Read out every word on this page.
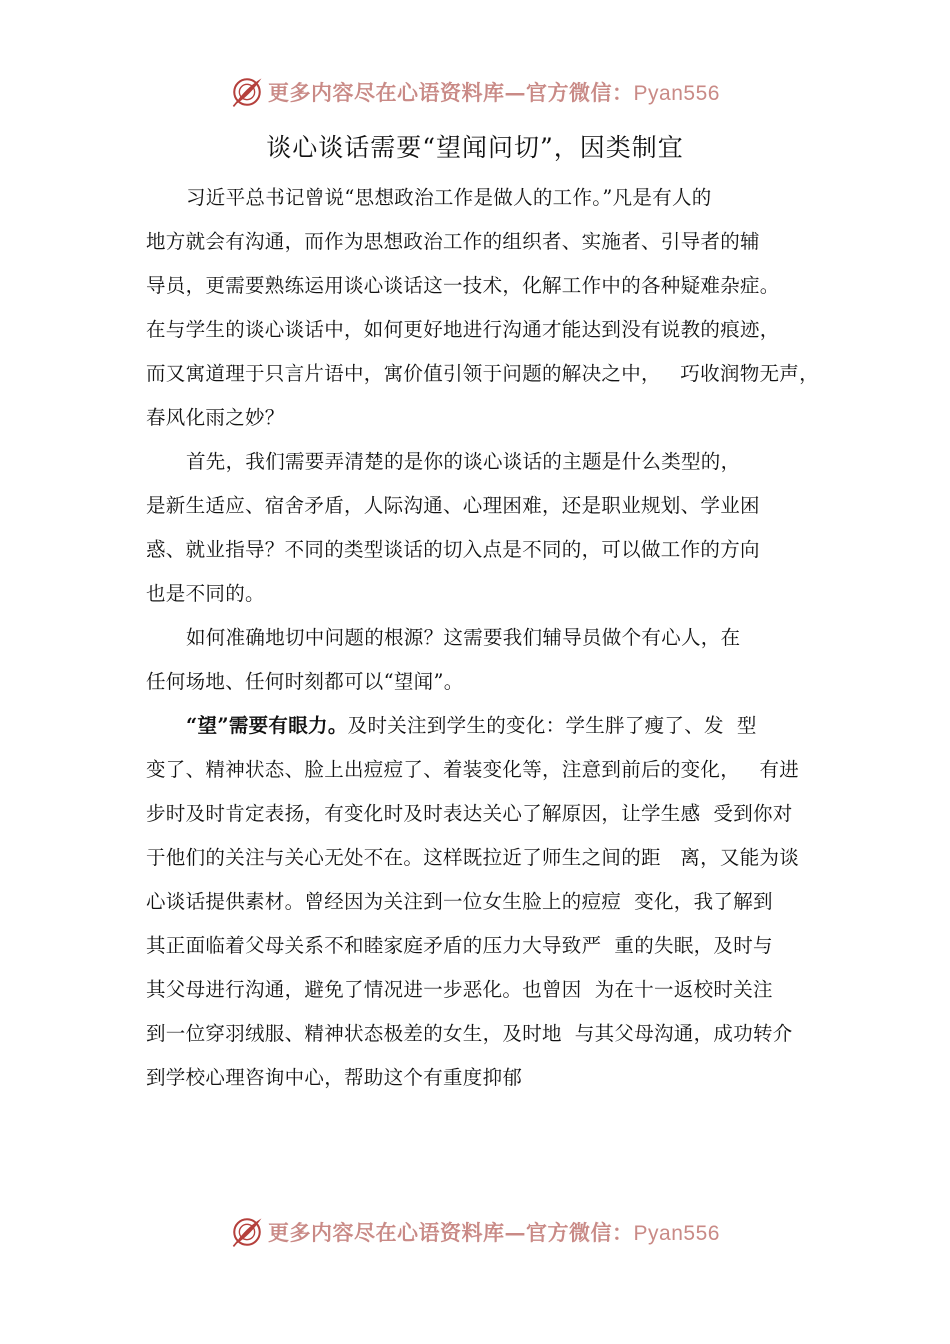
更多内容尽在心语资料库—官方微信：Pyan556
谈心谈话需要“望闻问切”，因类制宜

习近平总书记曾说“思想政治工作是做人的工作。”凡是有人的
地方就会有沟通，而作为思想政治工作的组织者、实施者、引导者的辅
导员，更需要熟练运用谈心谈话这一技术，化解工作中的各种疑难杂症。
在与学生的谈心谈话中，如何更好地进行沟通才能达到没有说教的痕迹，
而又寓道理于只言片语中，寓价值引领于问题的解决之中，   巧收润物无声，
春风化雨之妙？

首先，我们需要弄清楚的是你的谈心谈话的主题是什么类型的，
是新生适应、宿舍矛盾，人际沟通、心理困难，还是职业规划、学业困
惑、就业指导？不同的类型谈话的切入点是不同的，可以做工作的方向
也是不同的。

如何准确地切中问题的根源？这需要我们辅导员做个有心人，在
任何场地、任何时刻都可以“望闻”。

“望”需要有眼力。及时关注到学生的变化：学生胖了瘦了、发  型
变了、精神状态、脸上出痘痘了、着装变化等，注意到前后的变化，   有进
步时及时肯定表扬，有变化时及时表达关心了解原因，让学生感  受到你对
于他们的关注与关心无处不在。这样既拉近了师生之间的距   离，又能为谈
心谈话提供素材。曾经因为关注到一位女生脸上的痘痘  变化，我了解到
其正面临着父母关系不和睦家庭矛盾的压力大导致严  重的失眠，及时与
其父母进行沟通，避免了情况进一步恶化。也曾因  为在十一返校时关注
到一位穿羽绒服、精神状态极差的女生，及时地  与其父母沟通，成功转介
到学校心理咨询中心，帮助这个有重度抑郁

更多内容尽在心语资料库—官方微信：Pyan556
